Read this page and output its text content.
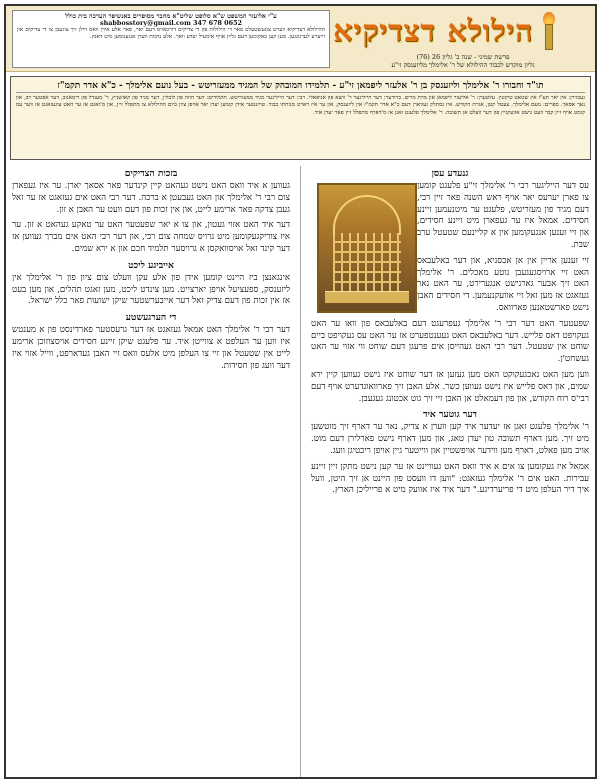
הילולא דצדיקיא
פרשת שמיני - שנה ב' גליון 26 (76)
גליון מוקדש לכבוד ההילולא של ר' אלימלך מליזענסק זי"ע
ע"י אליעזר המשפט ש"א סלופט שליט"א מחבר מסופרים באנשיפר הערכה בית כולל
shabbosstory@gmail.com 347 678 0652
ההילולא דצדיקיא ווערט צוגעשטעלט פאר די הילולות פון די צדיקים דורכאויס דעם יאר, פאר אלע אידן וואס ווילן זיך צוגעבן צו די צדיקים און זייערע לערנונגען. מען קען באקומען דעם גליון אויף אימעיל יעדע וואך. אלע נדבות ווערן אנגענומען מיט דאנק.
תו"ד וחבורו ר' אלימלך וליזענסק בן ר' אלעזר ליפמאן זי"ע - תלמידו המובהק של המגיד ממעזריטש - בעל נועם אלימלך - כ"א אדר תקמ"ז
געבוירן: אין יאר תע"ז אין שטאט טיקטין. עלטערן: ר' אליעזר ליפמאן און מרת מרים. ברודער: דער הייליגער ר' זושא פון אניפאלי. רבי: דער הייליגער מגיד ממעזריטש. תלמידים: דער חוזה פון לובלין, דער מגיד פון קאזשניץ, ר' מענדל פון רימאנוב, דער אפטער רב, און נאך אסאך. ספרים: נועם אלימלך, צעטל קטן, אגרת הקודש. איז נסתלק געווארן דעם כ"א אדר תקמ"ז אין ליזענסק, און ער איז דארט מנוחתו כבוד. טויזנטער אידן קומען יעדן יאר אויפן ציון ביום ההילולא צו מתפלל זיין, און מ'זאגט אז ער האט צוגעזאגט אז ווער עס קומט אויף זיין קבר וועט נישט אוועקגיין פון דער וועלט אן תשובה. ר' אלימלך פלעגט זאגן אז מ'דארף מתפלל זיין פאר יעדן איד.
גנעדע עסן

עס דער הייליגער רבי ר' אלימלך זי"ע פלעגט קומען צו פארן יערעס יאר אויף ראש השנה פאר זיין רבי, דעם מגיד פון מעזריטש, פלעגט ער מיטנעמען זיינע חסידים. אמאל איז ער געפארן מיט זיינע חסידים, און זיי זענען אנגעקומען אין א קליינעם שטעטל ערב שבת.

זיי זענען אריין אין אן אכסניא, און דער באלעבאס האט זיי ארויסגעגעבן גוטע מאכלים. ר' אלימלך האט זיך אבער גארנישט אנגערירט, ער האט נאר געזאגט אז מען זאל זיי אוועקנעמען. די חסידים האבן נישט פארשטאנען פארוואס.

שפעטער האט דער רבי ר' אלימלך געפרעגט דעם באלעבאס פון וואו ער האט געקויפט דאס פלייש. דער באלעבאס האט געענטפערט אז ער האט עס געקויפט ביים שוחט אין שטעטל. דער רבי האט געהייסן אים פרעגן דעם שוחט ווי אזוי ער האט געשחט'ן.

ווען מען האט נאכגעקוקט האט מען געזען אז דער שוחט איז נישט געווען קיין ירא שמים, און דאס פלייש איז נישט געווען כשר. אלע האבן זיך פארוואונדערט אויף דעם רבי'ס רוח הקודש, און פון דעמאלט אן האבן זיי זיך גוט אכטונג געגעבן.

דער גוטער איד

ר' אלימלך פלעגט זאגן אז יעדער איד קען ווערן א צדיק, נאר ער דארף זיך מוטשען מיט זיך. מען דארף תשובה טון יעדן טאג, און מען דארף נישט פארלירן דעם מוט. אויב מען פאלט, דארף מען ווידער אויפשטיין און ווייטער גיין אויפן ריכטיגן וועג.

אמאל איז געקומען צו אים א איד וואס האט געוויינט אז ער קען נישט מתקן זיין זיינע עבירות. האט אים ר' אלימלך געזאגט: "ווען דו וועסט פון היינט אן זיך היטן, וועל איך דיר העלפן מיט די פריערדיגע." דער איד איז אוועק מיט א פרייליכן הארץ.

בזכות הצדיקים

געווען א איד וואס האט נישט געהאט קיין קינדער פאר אסאך יארן. ער איז געפארן צום רבי ר' אלימלך און האט געבעטן א ברכה. דער רבי האט אים געזאגט אז ער זאל געבן צדקה פאר ארימע לייט, און אין זכות פון דעם וועט ער האבן א זון.

דער איד האט אזוי געטון, און צו א יאר שפעטער האט ער טאקע געהאט א זון. ער איז צוריקגעקומען מיט גרויס שמחה צום רבי, און דער רבי האט אים מברך געווען אז דער קינד זאל אויסוואקסן א גרויסער תלמיד חכם און א ירא שמים.

אייביגע ליכט

אינגאנצן ביז היינט קומען אידן פון אלע עקן וועלט צום ציון פון ר' אלימלך אין ליזענסק, ספעציעל אויפן יארצייט. מען צינדט ליכט, מען זאגט תהלים, און מען בעט אז אין זכות פון דעם צדיק זאל דער אייבערשטער שיקן ישועות פאר כלל ישראל.

די הערגעשטע

דער רבי ר' אלימלך האט אמאל געזאגט אז דער גרעסטער פארדינסט פון א מענטש איז ווען ער העלפט א צווייטן איד. ער פלעגט שיקן זיינע חסידים אויסצוזוכן ארימע לייט אין שטעטל און זיי צו העלפן מיט אלעס וואס זיי האבן געדארפט, ווייל אזוי איז דער וועג פון חסידות.
